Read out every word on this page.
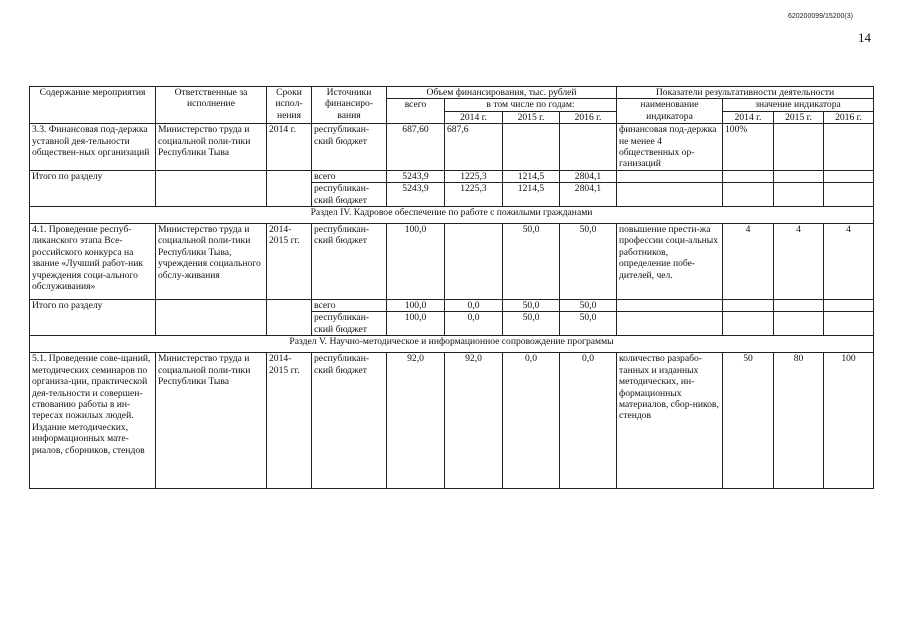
620200099/15200(3)
14
Содержание мероприятия	Ответственные за исполнение	Сроки испол-нения	Источники финансиро-вания	Объем финансирования, тыс. рублей				Показатели результативности деятельности			
				всего	в том числе по годам:			наименование индикатора	значение индикатора		
					2014 г.	2015 г.	2016 г.		2014 г.	2015 г.	2016 г.
3.3. Финансовая под-держка уставной дея-тельности обществен-ных организаций	Министерство труда и социальной поли-тики Республики Тыва	2014 г.	республикан-ский бюджет	687,60	687,6			финансовая под-держка не менее 4 общественных ор-ганизаций	100%		
Итого по разделу			всего	5243,9	1225,3	1214,5	2804,1				
			республикан-ский бюджет	5243,9	1225,3	1214,5	2804,1				
Раздел IV. Кадровое обеспечение по работе с пожилыми гражданами											
4.1. Проведение респуб-ликанского этапа Все-российского конкурса на звание «Лучший работ-ник учреждения соци-ального обслуживания»	Министерство труда и социальной поли-тики Республики Тыва, учреждения социального обслу-живания	2014-2015 гг.	республикан-ский бюджет	100,0		50,0	50,0	повышение прести-жа профессии соци-альных работников, определение побе-дителей, чел.	4	4	4
Итого по разделу			всего	100,0	0,0	50,0	50,0				
			республикан-ский бюджет	100,0	0,0	50,0	50,0				
Раздел V. Научно-методическое и информационное сопровождение программы											
5.1. Проведение сове-щаний, методических семинаров по организа-ции, практической дея-тельности и совершен-ствованию работы в ин-тересах пожилых людей. Издание методических, информационных мате-риалов, сборников, стендов	Министерство труда и социальной поли-тики Республики Тыва	2014-2015 гг.	республикан-ский бюджет	92,0	92,0	0,0	0,0	количество разрабо-танных и изданных методических, ин-формационных материалов, сбор-ников, стендов	50	80	100
